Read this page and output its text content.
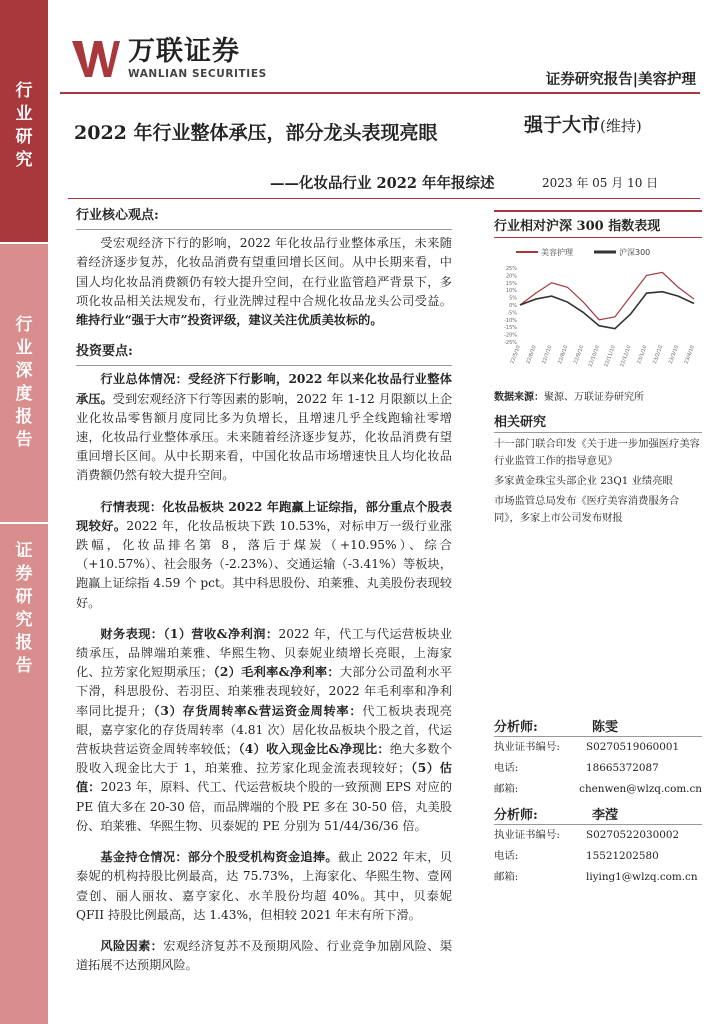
行
业
研
究
行
业
深
度
报
告
证
券
研
究
报
告
万联证券
WANLIAN SECURITIES	证券研究报告|美容护理
2022 年行业整体承压，部分龙头表现亮眼
——化妆品行业 2022 年年报综述
强于大市(维持)
2023 年 05 月 10 日
行业核心观点:

受宏观经济下行的影响，2022 年化妆品行业整体承压，未来随着经济逐步复苏，化妆品消费有望重回增长区间。从中长期来看，中国人均化妆品消费额仍有较大提升空间，在行业监管趋严背景下，多项化妆品相关法规发布，行业洗牌过程中合规化妆品龙头公司受益。维持行业“强于大市”投资评级，建议关注优质美妆标的。

投资要点:

行业总体情况：受经济下行影响，2022 年以来化妆品行业整体承压。受到宏观经济下行等因素的影响，2022 年 1-12 月限额以上企业化妆品零售额月度同比多为负增长，且增速几乎全线跑输社零增速，化妆品行业整体承压。未来随着经济逐步复苏，化妆品消费有望重回增长区间。从中长期来看，中国化妆品市场增速快且人均化妆品消费额仍然有较大提升空间。

行情表现：化妆品板块 2022 年跑赢上证综指，部分重点个股表现较好。2022 年，化妆品板块下跌 10.53%，对标申万一级行业涨跌幅，化妆品排名第 8，落后于煤炭（+10.95%）、综合（+10.57%）、社会服务（-2.23%）、交通运输（-3.41%）等板块，跑赢上证综指 4.59 个 pct。其中科思股份、珀莱雅、丸美股份表现较好。

财务表现：（1）营收&净利润：2022 年，代工与代运营板块业绩承压，品牌端珀莱雅、华熙生物、贝泰妮业绩增长亮眼，上海家化、拉芳家化短期承压；（2）毛利率&净利率：大部分公司盈利水平下滑，科思股份、若羽臣、珀莱雅表现较好，2022 年毛利率和净利率同比提升；（3）存货周转率&营运资金周转率：代工板块表现亮眼，嘉亨家化的存货周转率（4.81 次）居化妆品板块个股之首，代运营板块营运资金周转率较低；（4）收入现金比&净现比：绝大多数个股收入现金比大于 1，珀莱雅、拉芳家化现金流表现较好；（5）估值：2023 年，原料、代工、代运营板块个股的一致预测 EPS 对应的 PE 值大多在 20-30 倍，而品牌端的个股 PE 多在 30-50 倍，丸美股份、珀莱雅、华熙生物、贝泰妮的 PE 分别为 51/44/36/36 倍。

基金持仓情况：部分个股受机构资金追捧。截止 2022 年末，贝泰妮的机构持股比例最高，达 75.73%，上海家化、华熙生物、壹网壹创、丽人丽妆、嘉亨家化、水羊股份均超 40%。其中，贝泰妮 QFII 持股比例最高，达 1.43%，但相较 2021 年末有所下滑。

风险因素：宏观经济复苏不及预期风险、行业竞争加剧风险、渠道拓展不达预期风险。

行业相对沪深 300 指数表现
美容护理	沪深300
25%
20%
15%
10%
5%
0%
-5%
-10%
-15%
-20%
-25%
22/5/10 22/6/10 22/7/10 22/8/10 22/9/10 22/10/10 22/11/10 22/12/10 23/1/10 23/2/10 23/3/10 23/4/10
数据来源：聚源、万联证券研究所
相关研究
十一部门联合印发《关于进一步加强医疗美容行业监管工作的指导意见》
多家黄金珠宝头部企业 23Q1 业绩亮眼
市场监管总局发布《医疗美容消费服务合同》，多家上市公司发布财报
分析师:	陈雯
执业证书编号:	S0270519060001
电话:	18665372087
邮箱:	chenwen@wlzq.com.cn
分析师:	李滢
执业证书编号:	S0270522030002
电话:	15521202580
邮箱:	liying1@wlzq.com.cn
